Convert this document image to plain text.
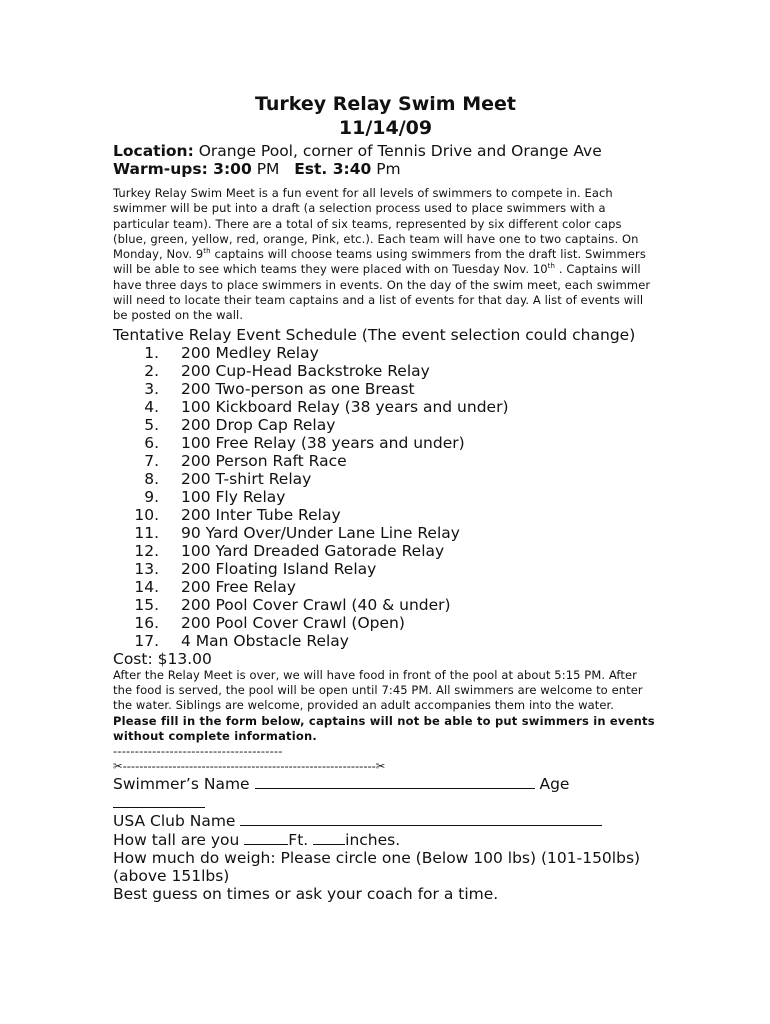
Turkey Relay Swim Meet
11/14/09
Location: Orange Pool, corner of Tennis Drive and Orange Ave
Warm-ups: 3:00 PM Est. 3:40 Pm

Turkey Relay Swim Meet is a fun event for all levels of swimmers to compete in. Each swimmer will be put into a draft (a selection process used to place swimmers with a particular team). There are a total of six teams, represented by six different color caps (blue, green, yellow, red, orange, Pink, etc.). Each team will have one to two captains. On Monday, Nov. 9th captains will choose teams using swimmers from the draft list. Swimmers will be able to see which teams they were placed with on Tuesday Nov. 10th . Captains will have three days to place swimmers in events. On the day of the swim meet, each swimmer will need to locate their team captains and a list of events for that day. A list of events will be posted on the wall.

Tentative Relay Event Schedule (The event selection could change)
1.	200 Medley Relay
2.	200 Cup-Head Backstroke Relay
3.	200 Two-person as one Breast
4.	100 Kickboard Relay (38 years and under)
5.	200 Drop Cap Relay
6.	100 Free Relay (38 years and under)
7.	200 Person Raft Race
8.	200 T-shirt Relay
9.	100 Fly Relay
10.	200 Inter Tube Relay
11.	90 Yard Over/Under Lane Line Relay
12.	100 Yard Dreaded Gatorade Relay
13.	200 Floating Island Relay
14.	200 Free Relay
15.	200 Pool Cover Crawl (40 & under)
16.	200 Pool Cover Crawl (Open)
17.	4 Man Obstacle Relay
Cost: $13.00

After the Relay Meet is over, we will have food in front of the pool at about 5:15 PM. After the food is served, the pool will be open until 7:45 PM. All swimmers are welcome to enter the water. Siblings are welcome, provided an adult accompanies them into the water.

Please fill in the form below, captains will not be able to put swimmers in events without complete information.

---------------------------------------
✂-------------------------------------------------------------✂
Swimmer’s Name	Age
USA Club Name
How tall are you	Ft. inches.
How much do weigh: Please circle one (Below 100 lbs) (101-150lbs)
(above 151lbs)
Best guess on times or ask your coach for a time.
